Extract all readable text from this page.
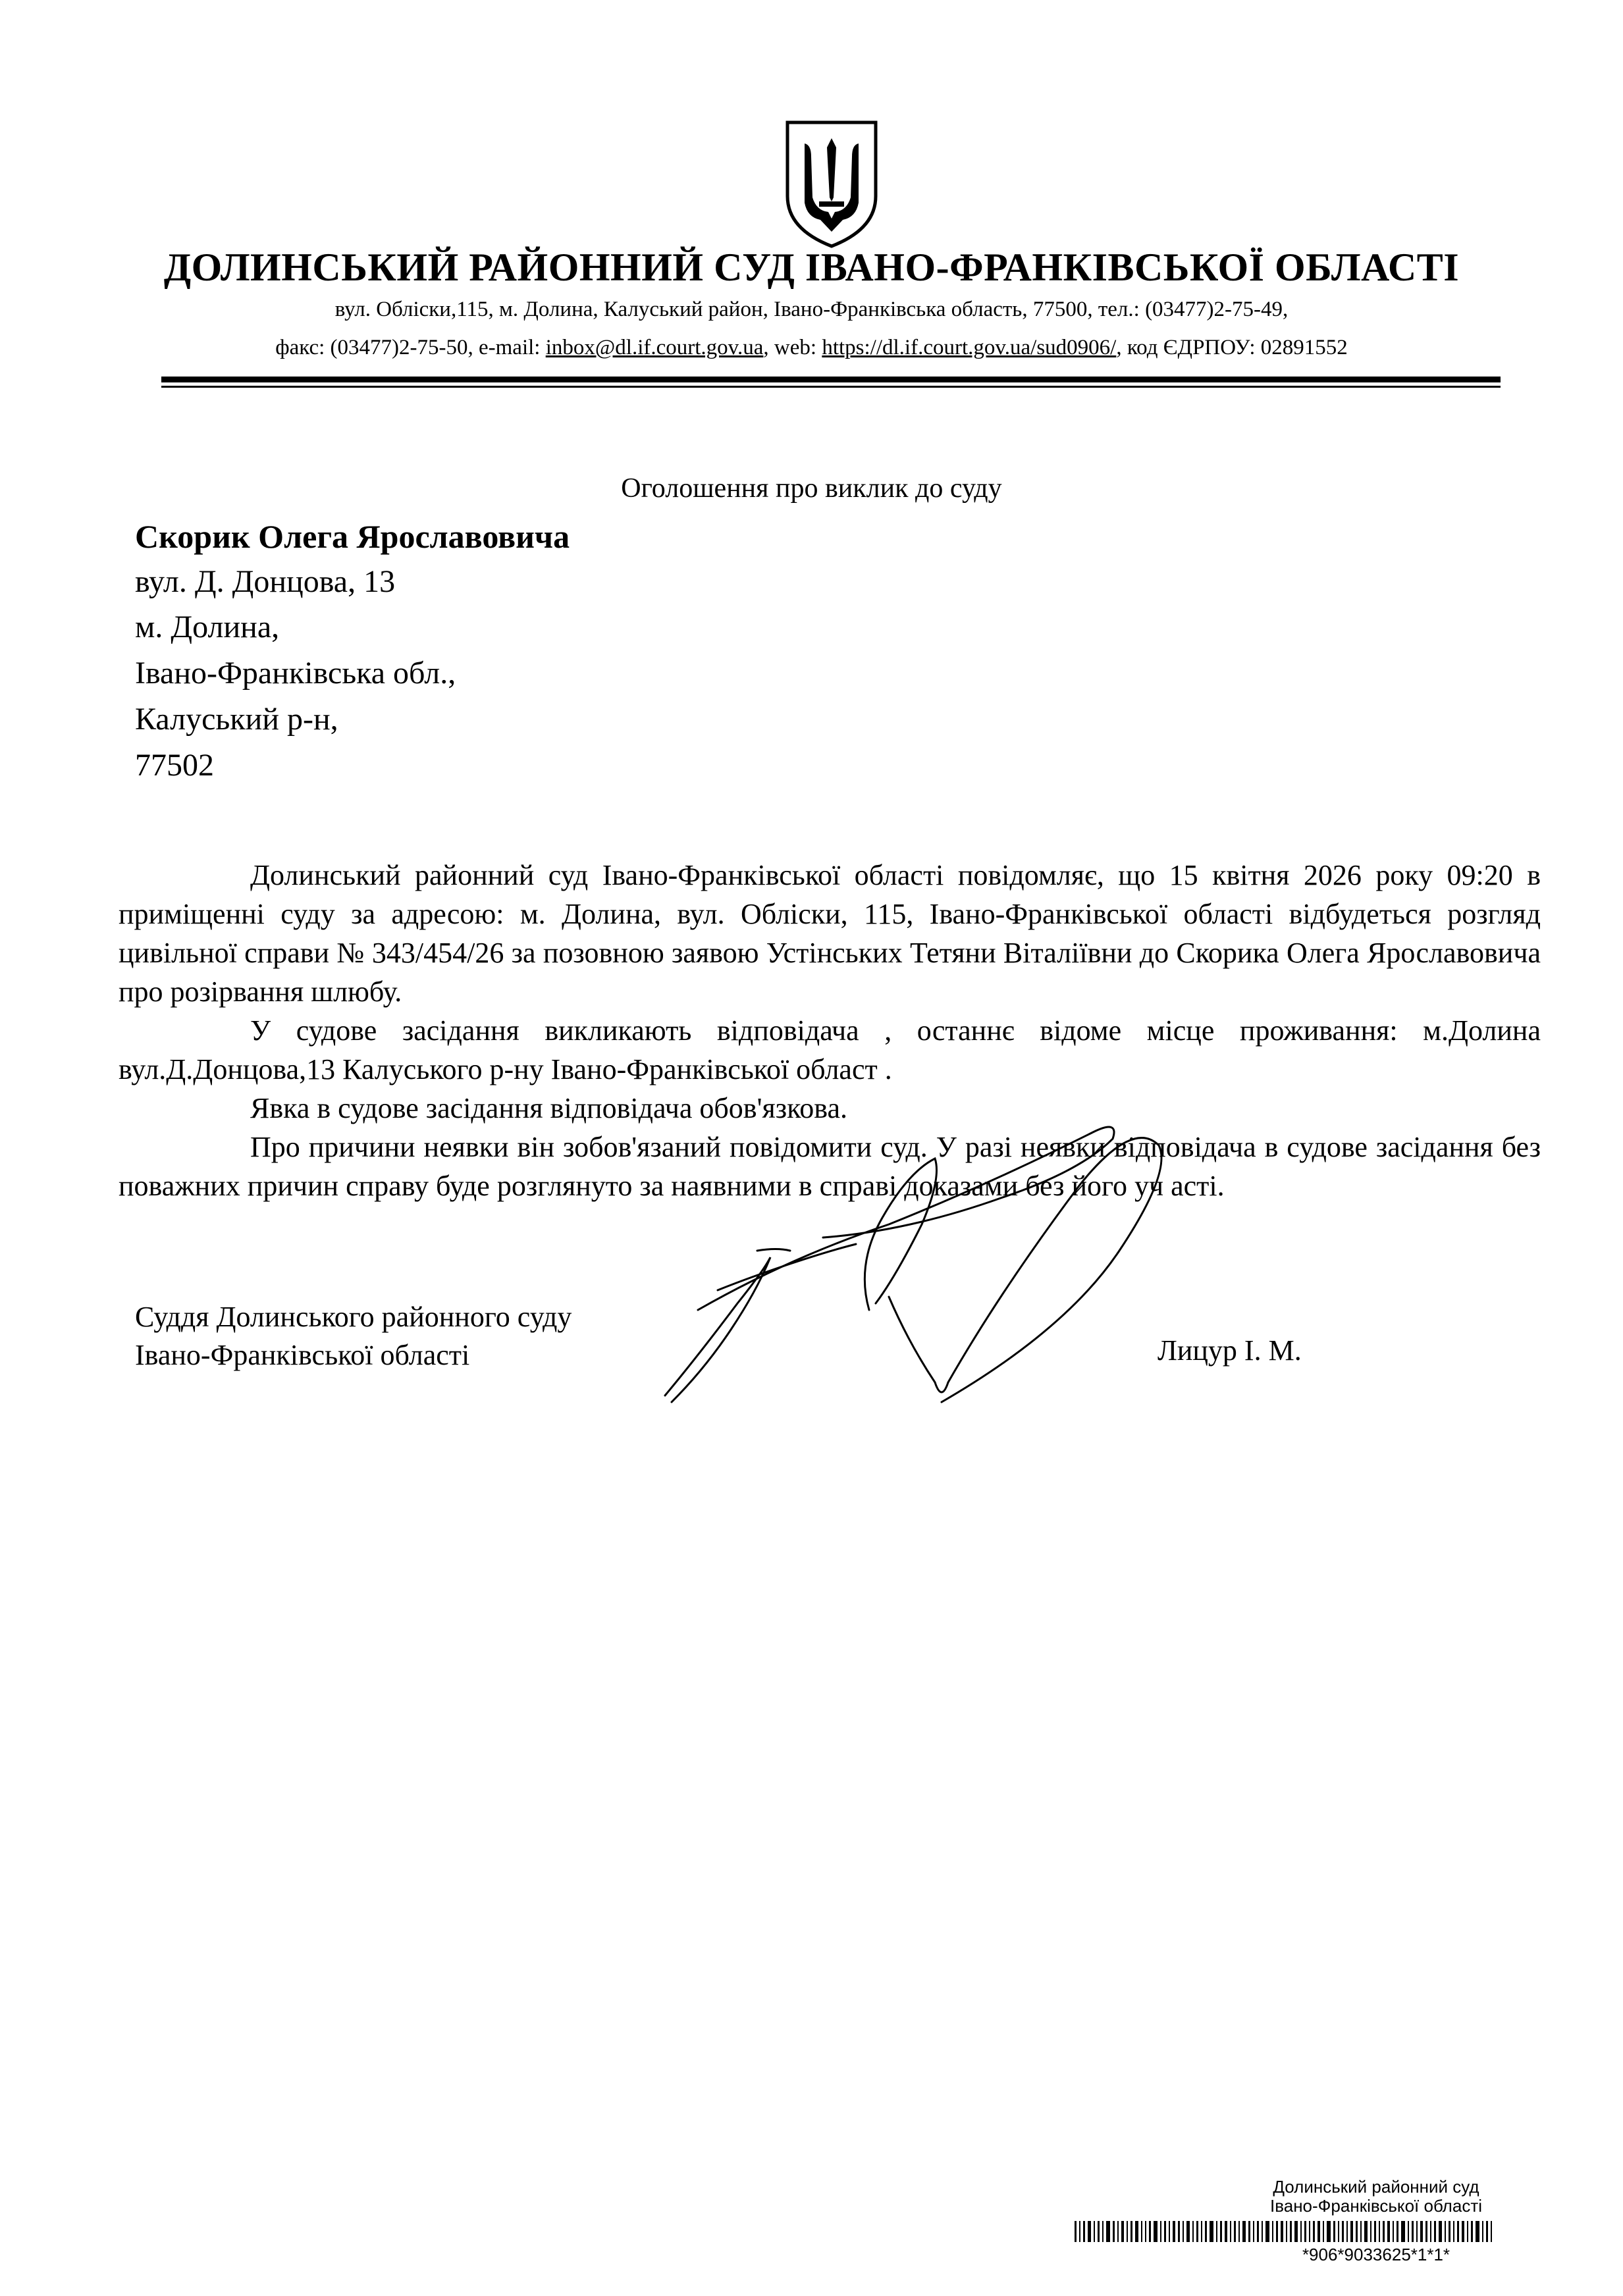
ДОЛИНСЬКИЙ РАЙОННИЙ СУД ІВАНО-ФРАНКІВСЬКОЇ ОБЛАСТІ
вул. Обліски,115, м. Долина, Калуський район, Івано-Франківська область, 77500, тел.: (03477)2-75-49,
факс: (03477)2-75-50, e-mail: inbox@dl.if.court.gov.ua, web: https://dl.if.court.gov.ua/sud0906/, код ЄДРПОУ: 02891552
Оголошення про виклик до суду
Скорик Олега Ярославовича
вул. Д. Донцова, 13
м. Долина,
Івано-Франківська обл.,
Калуський р-н,
77502

Долинський районний суд Івано-Франківської області повідомляє, що 15 квітня 2026 року 09:20 в приміщенні суду за адресою: м. Долина, вул. Обліски, 115, Івано-Франківської області відбудеться розгляд цивільної справи № 343/454/26 за позовною заявою Устінських Тетяни Віталіївни до Скорика Олега Ярославовича про розірвання шлюбу.

У судове засідання викликають відповідача , останнє відоме місце проживання: м.Долина вул.Д.Донцова,13 Калуського р-ну Івано-Франківської област .

Явка в судове засідання відповідача обов'язкова.

Про причини неявки він зобов'язаний повідомити суд. У разі неявки відповідача в судове засідання без поважних причин справу буде розглянуто за наявними в справі доказами без його уч асті.

Суддя Долинського районного суду
Івано-Франківської області	Лицур І. М.
Долинський районний суд
Івано-Франківської області
*906*9033625*1*1*
